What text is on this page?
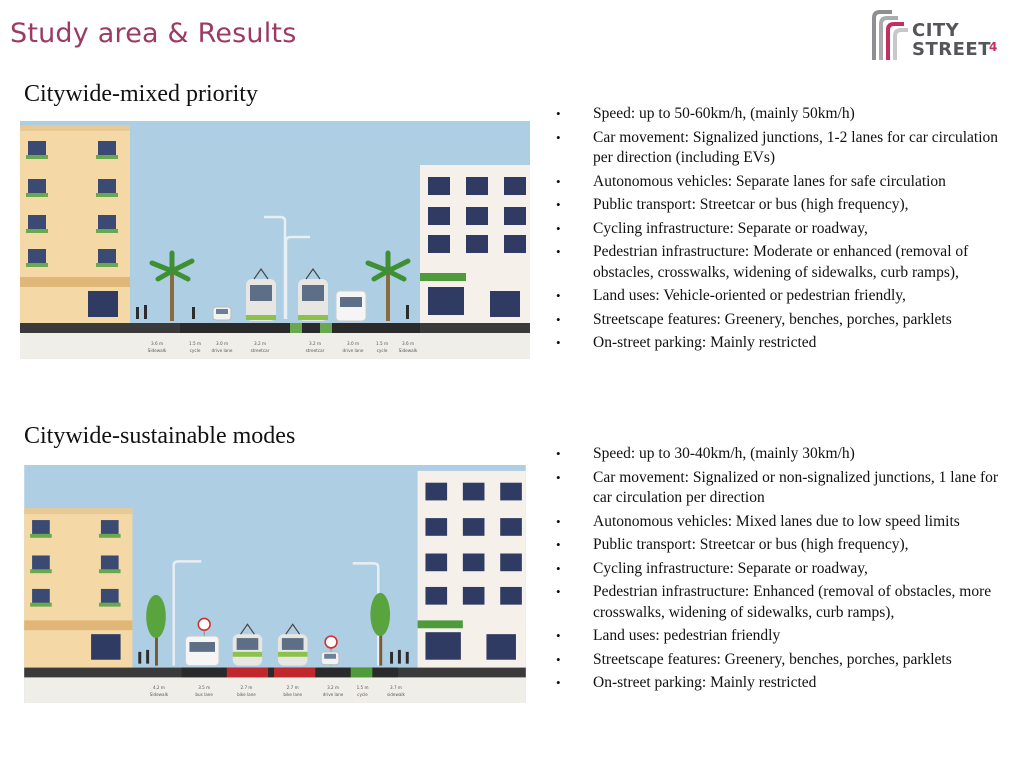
Study area & Results	CITY
STREET
4
Citywide-mixed priority
3.6 m
Sidewalk
1.5 m
cycle
3.0 m
drive lane
3.2 m
streetcar
3.2 m
streetcar
3.0 m
drive lane
1.5 m
cycle
3.6 m
Sidewalk
• Speed: up to 50-60km/h, (mainly 50km/h)
• Car movement: Signalized junctions, 1-2 lanes for car circulation per direction (including EVs)
• Autonomous vehicles: Separate lanes for safe circulation
• Public transport: Streetcar or bus (high frequency),
• Cycling infrastructure: Separate or roadway,
• Pedestrian infrastructure: Moderate or enhanced (removal of obstacles, crosswalks, widening of sidewalks, curb ramps),
• Land uses: Vehicle-oriented or pedestrian friendly,
• Streetscape features: Greenery, benches, porches, parklets
• On-street parking: Mainly restricted
Citywide-sustainable modes
4.2 m
Sidewalk
3.5 m
bus lane
2.7 m
bike lane
2.7 m
bike lane
3.2 m
drive lane
1.5 m
cycle
3.7 m
sidewalk
• Speed: up to 30-40km/h, (mainly 30km/h)
• Car movement: Signalized or non-signalized junctions, 1 lane for car circulation per direction
• Autonomous vehicles: Mixed lanes due to low speed limits
• Public transport: Streetcar or bus (high frequency),
• Cycling infrastructure: Separate or roadway,
• Pedestrian infrastructure: Enhanced (removal of obstacles, more crosswalks, widening of sidewalks, curb ramps),
• Land uses: pedestrian friendly
• Streetscape features: Greenery, benches, porches, parklets
• On-street parking: Mainly restricted
